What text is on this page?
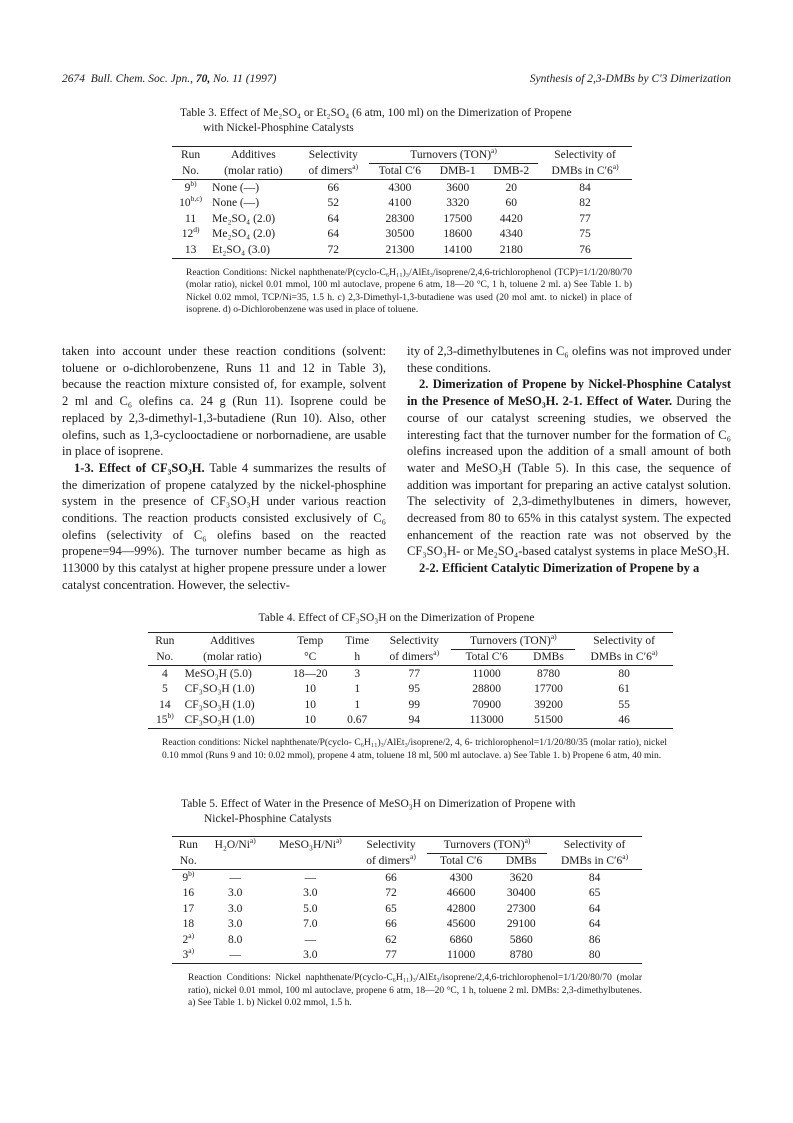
2674 Bull. Chem. Soc. Jpn., 70, No. 11 (1997)	Synthesis of 2,3-DMBs by C′3 Dimerization
Table 3. Effect of Me₂SO₄ or Et₂SO₄ (6 atm, 100 ml) on the Dimerization of Propene
with Nickel-Phosphine Catalysts
Run	Additives	Selectivity	Turnovers (TON)$^{a)}$			Selectivity of
No.	(molar ratio)	of dimers$^{a)}$	Total C′6	DMB-1	DMB-2	DMBs in C′6$^{a)}$
9$^{b)}$	None (—)	66	4300	3600	20	84
10$^{b,c)}$	None (—)	52	4100	3320	60	82
11	Me₂SO₄ (2.0)	64	28300	17500	4420	77
12$^{d)}$	Me₂SO₄ (2.0)	64	30500	18600	4340	75
13	Et₂SO₄ (3.0)	72	21300	14100	2180	76
Reaction Conditions: Nickel naphthenate/P(cyclo-C₆H₁₁)₃/AlEt₃/isoprene/2,4,6-trichlorophenol (TCP)=1/1/20/80/70 (molar ratio), nickel 0.01 mmol, 100 ml autoclave, propene 6 atm, 18—20 °C, 1 h, toluene 2 ml. a) See Table 1. b) Nickel 0.02 mmol, TCP/Ni=35, 1.5 h. c) 2,3-Dimethyl-1,3-butadiene was used (20 mol amt. to nickel) in place of isoprene. d) o-Dichlorobenzene was used in place of toluene.

taken into account under these reaction conditions (solvent: toluene or o-dichlorobenzene, Runs 11 and 12 in Table 3), because the reaction mixture consisted of, for example, solvent 2 ml and C₆ olefins ca. 24 g (Run 11). Isoprene could be replaced by 2,3-dimethyl-1,3-butadiene (Run 10). Also, other olefins, such as 1,3-cyclooctadiene or norbornadiene, are usable in place of isoprene.

1-3. Effect of CF₃SO₃H. Table 4 summarizes the results of the dimerization of propene catalyzed by the nickel-phosphine system in the presence of CF₃SO₃H under various reaction conditions. The reaction products consisted exclusively of C₆ olefins (selectivity of C₆ olefins based on the reacted propene=94—99%). The turnover number became as high as 113000 by this catalyst at higher propene pressure under a lower catalyst concentration. However, the selectiv-

ity of 2,3-dimethylbutenes in C₆ olefins was not improved under these conditions.

2. Dimerization of Propene by Nickel-Phosphine Catalyst in the Presence of MeSO₃H. 2-1. Effect of Water. During the course of our catalyst screening studies, we observed the interesting fact that the turnover number for the formation of C₆ olefins increased upon the addition of a small amount of both water and MeSO₃H (Table 5). In this case, the sequence of addition was important for preparing an active catalyst solution. The selectivity of 2,3-dimethylbutenes in dimers, however, decreased from 80 to 65% in this catalyst system. The expected enhancement of the reaction rate was not observed by the CF₃SO₃H- or Me₂SO₄-based catalyst systems in place MeSO₃H.

2-2. Efficient Catalytic Dimerization of Propene by a

Table 4. Effect of CF₃SO₃H on the Dimerization of Propene
Run	Additives	Temp	Time	Selectivity	Turnovers (TON)$^{a)}$		Selectivity of
No.	(molar ratio)	°C	h	of dimers$^{a)}$	Total C′6	DMBs	DMBs in C′6$^{a)}$
4	MeSO₃H (5.0)	18—20	3	77	11000	8780	80
5	CF₃SO₃H (1.0)	10	1	95	28800	17700	61
14	CF₃SO₃H (1.0)	10	1	99	70900	39200	55
15$^{b)}$	CF₃SO₃H (1.0)	10	0.67	94	113000	51500	46
Reaction conditions: Nickel naphthenate/P(cyclo- C₆H₁₁)₃/AlEt₃/isoprene/2, 4, 6- trichlorophenol=1/1/20/80/35 (molar ratio), nickel 0.10 mmol (Runs 9 and 10: 0.02 mmol), propene 4 atm, toluene 18 ml, 500 ml autoclave. a) See Table 1. b) Propene 6 atm, 40 min.
Table 5. Effect of Water in the Presence of MeSO₃H on Dimerization of Propene with
Nickel-Phosphine Catalysts
Run	H₂O/Ni$^{a)}$	MeSO₃H/Ni$^{a)}$	Selectivity	Turnovers (TON)$^{a)}$		Selectivity of
No.			of dimers$^{a)}$	Total C′6	DMBs	DMBs in C′6$^{a)}$
9$^{b)}$	—	—	66	4300	3620	84
16	3.0	3.0	72	46600	30400	65
17	3.0	5.0	65	42800	27300	64
18	3.0	7.0	66	45600	29100	64
2$^{a)}$	8.0	—	62	6860	5860	86
3$^{a)}$	—	3.0	77	11000	8780	80
Reaction Conditions: Nickel naphthenate/P(cyclo-C₆H₁₁)₃/AlEt₃/isoprene/2,4,6-trichlorophenol=1/1/20/80/70 (molar ratio), nickel 0.01 mmol, 100 ml autoclave, propene 6 atm, 18—20 °C, 1 h, toluene 2 ml. DMBs: 2,3-dimethylbutenes. a) See Table 1. b) Nickel 0.02 mmol, 1.5 h.
